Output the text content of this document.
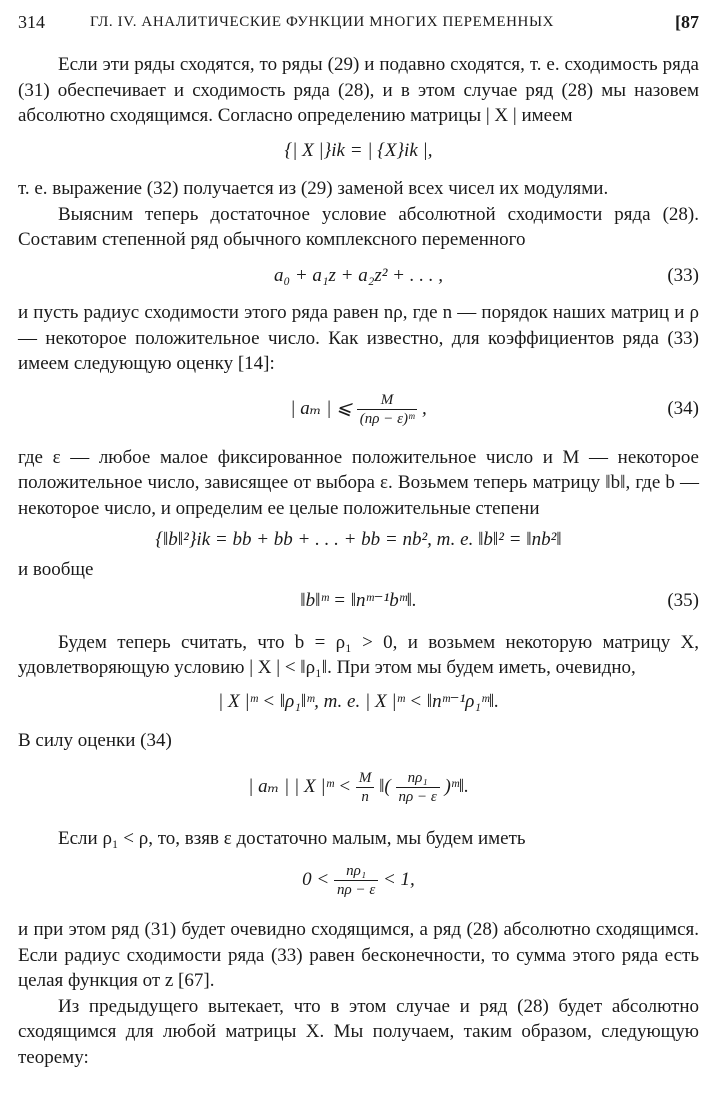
314	ГЛ. IV. АНАЛИТИЧЕСКИЕ ФУНКЦИИ МНОГИХ ПЕРЕМЕННЫХ	[87

Если эти ряды сходятся, то ряды (29) и подавно сходятся, т. е. сходимость ряда (31) обеспечивает и сходимость ряда (28), и в этом случае ряд (28) мы назовем абсолютно сходящимся. Согласно определению матрицы | X | имеем

{| X |}ik = | {X}ik |,

т. е. выражение (32) получается из (29) заменой всех чисел их модулями.

Выясним теперь достаточное условие абсолютной сходимости ряда (28). Составим степенной ряд обычного комплексного переменного

a₀ + a₁z + a₂z² + . . . ,	(33)

и пусть радиус сходимости этого ряда равен nρ, где n — порядок наших матриц и ρ — некоторое положительное число. Как известно, для коэффициентов ряда (33) имеем следующую оценку [14]:

| aₘ | ⩽ $\frac{M}{\text{(nρ − ε)ᵐ}}$ ,	(34)

где ε — любое малое фиксированное положительное число и M — некоторое положительное число, зависящее от выбора ε. Возьмем теперь матрицу ‖b‖, где b — некоторое число, и определим ее целые положительные степени

{‖b‖²}ik = bb + bb + . . . + bb = nb², т. е. ‖b‖² = ‖nb²‖

и вообще

‖b‖ᵐ = ‖nᵐ⁻¹bᵐ‖.	(35)

Будем теперь считать, что b = ρ₁ > 0, и возьмем некоторую матрицу X, удовлетворяющую условию | X | < ‖ρ₁‖. При этом мы будем иметь, очевидно,

| X |ᵐ < ‖ρ₁‖ᵐ, т. е. | X |ᵐ < ‖nᵐ⁻¹ρ₁ᵐ‖.

В силу оценки (34)

| aₘ | | X |ᵐ < $\frac{M}{n}$ ‖( $\frac{\text{nρ₁}}{n\rho - \varepsilon}$ )ᵐ‖.

Если ρ₁ < ρ, то, взяв ε достаточно малым, мы будем иметь

$0 < \frac{\text{nρ₁}}{n\rho - \varepsilon} < 1$,

и при этом ряд (31) будет очевидно сходящимся, а ряд (28) абсолютно сходящимся. Если радиус сходимости ряда (33) равен бесконечности, то сумма этого ряда есть целая функция от z [67].

Из предыдущего вытекает, что в этом случае и ряд (28) будет абсолютно сходящимся для любой матрицы X. Мы получаем, таким образом, следующую теорему:
